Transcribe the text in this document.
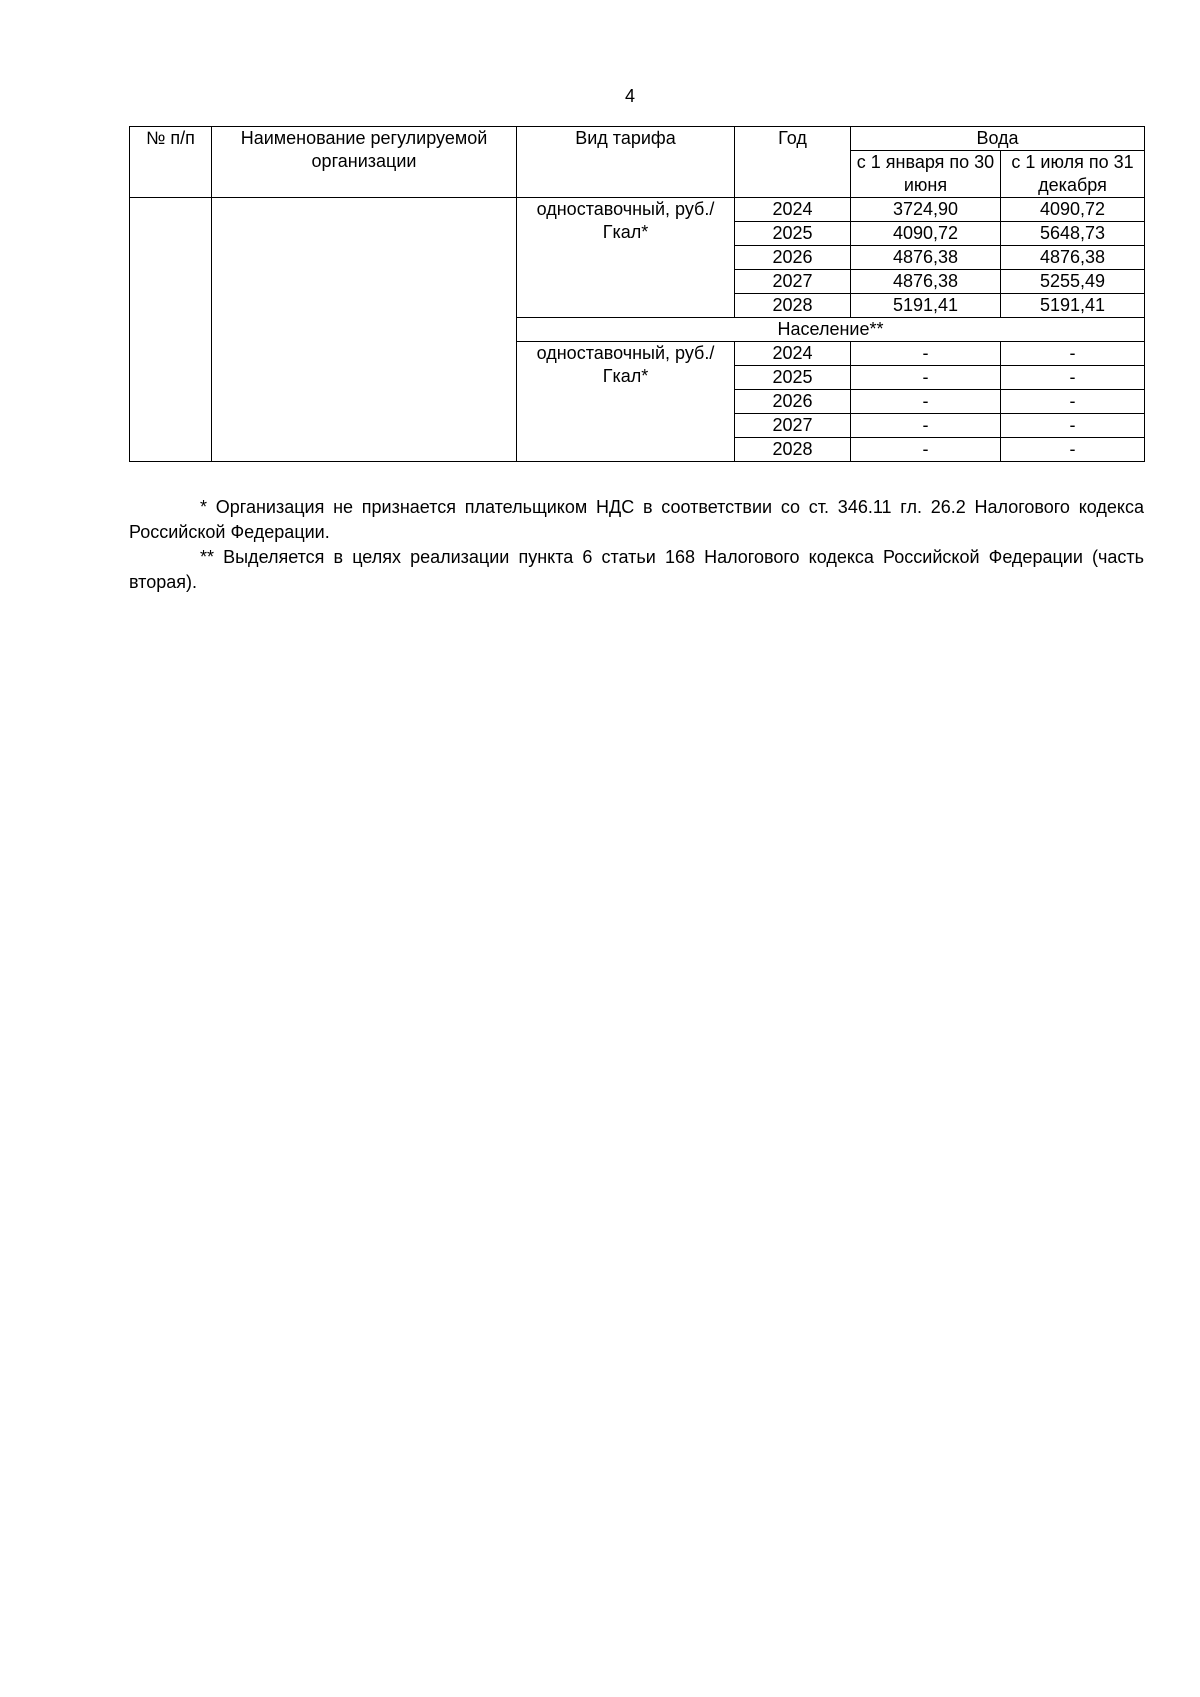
4
№ п/п	Наименование регулируемой организации	Вид тарифа	Год	Вода	
				с 1 января по 30 июня	с 1 июля по 31 декабря
		одноставочный, руб./Гкал*	2024	3724,90	4090,72
			2025	4090,72	5648,73
			2026	4876,38	4876,38
			2027	4876,38	5255,49
			2028	5191,41	5191,41
		Население**			
		одноставочный, руб./Гкал*	2024	-	-
			2025	-	-
			2026	-	-
			2027	-	-
			2028	-	-

* Организация не признается плательщиком НДС в соответствии со ст. 346.11 гл. 26.2 Налогового кодекса Российской Федерации.

** Выделяется в целях реализации пункта 6 статьи 168 Налогового кодекса Российской Федерации (часть вторая).
